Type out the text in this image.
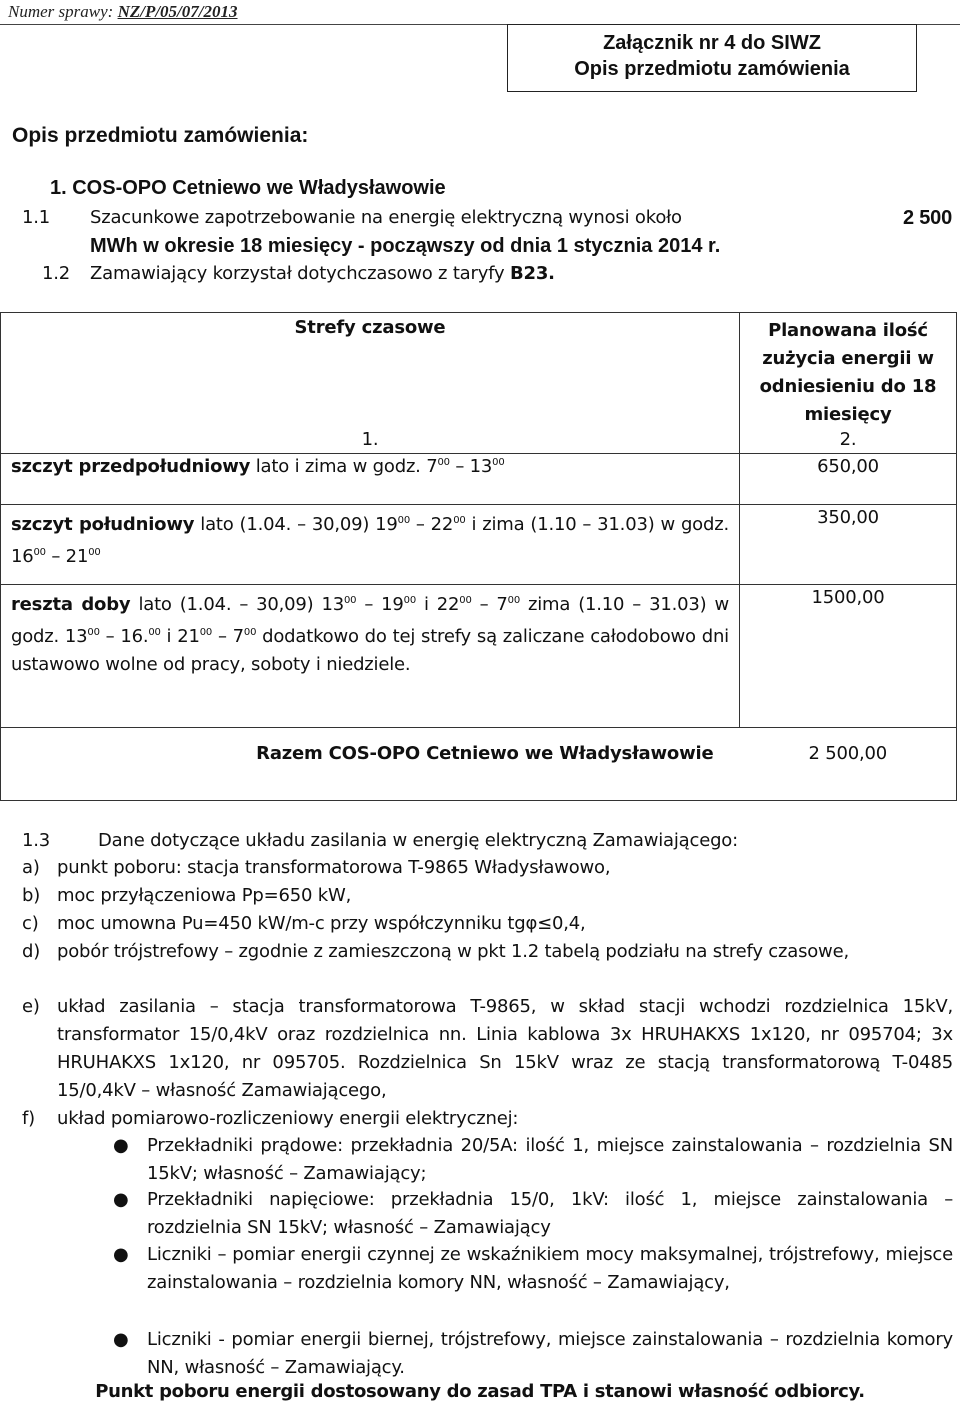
Numer sprawy: NZ/P/05/07/2013
Załącznik nr 4 do SIWZ
Opis przedmiotu zamówienia
Opis przedmiotu zamówienia:
1. COS-OPO Cetniewo we Władysławowie
1.1 Szacunkowe zapotrzebowanie na energię elektryczną wynosi około	2 500
MWh w okresie 18 miesięcy - począwszy od dnia 1 stycznia 2014 r.
1.2 Zamawiający korzystał dotychczasowo z taryfy B23.
Strefy czasowe	Planowana ilość zużycia energii w odniesieniu do 18 miesięcy
1.	2.
szczyt przedpołudniowy lato i zima w godz. $7^{00} - 13^{00}$	650,00
szczyt południowy lato (1.04. – 30,09) $19^{00} - 22^{00}$ i zima (1.10 – 31.03) w godz. $16^{00} - 21^{00}$	350,00
reszta doby lato (1.04. – 30,09) $13^{00} - 19^{00}$ i $22^{00} - 7^{00}$ zima (1.10 – 31.03) w godz. $13^{00} - 16.00$ i $21^{00} - 7^{00}$ dodatkowo do tej strefy są zaliczane całodobowo dni ustawowo wolne od pracy, soboty i niedziele.	1500,00
Razem COS-OPO Cetniewo we Władysławowie	2 500,00
1.3	Dane dotyczące układu zasilania w energię elektryczną Zamawiającego:
a) punkt poboru: stacja transformatorowa T-9865 Władysławowo,
b) moc przyłączeniowa Pp=650 kW,
c) moc umowna Pu=450 kW/m-c przy współczynniku tgφ≤0,4,
d) pobór trójstrefowy – zgodnie z zamieszczoną w pkt 1.2 tabelą podziału na strefy czasowe,
e) układ zasilania – stacja transformatorowa T-9865, w skład stacji wchodzi rozdzielnica 15kV, transformator 15/0,4kV oraz rozdzielnica nn. Linia kablowa 3x HRUHAKXS 1x120, nr 095704; 3x HRUHAKXS 1x120, nr 095705. Rozdzielnica Sn 15kV wraz ze stacją transformatorową T-0485 15/0,4kV – własność Zamawiającego,
f) układ pomiarowo-rozliczeniowy energii elektrycznej:
● Przekładniki prądowe: przekładnia 20/5A: ilość 1, miejsce zainstalowania – rozdzielnia SN 15kV; własność – Zamawiający;
● Przekładniki napięciowe: przekładnia 15/0, 1kV: ilość 1, miejsce zainstalowania – rozdzielnia SN 15kV; własność – Zamawiający
● Liczniki – pomiar energii czynnej ze wskaźnikiem mocy maksymalnej, trójstrefowy, miejsce zainstalowania – rozdzielnia komory NN, własność – Zamawiający,
● Liczniki - pomiar energii biernej, trójstrefowy, miejsce zainstalowania – rozdzielnia komory NN, własność – Zamawiający.
Punkt poboru energii dostosowany do zasad TPA i stanowi własność odbiorcy.
